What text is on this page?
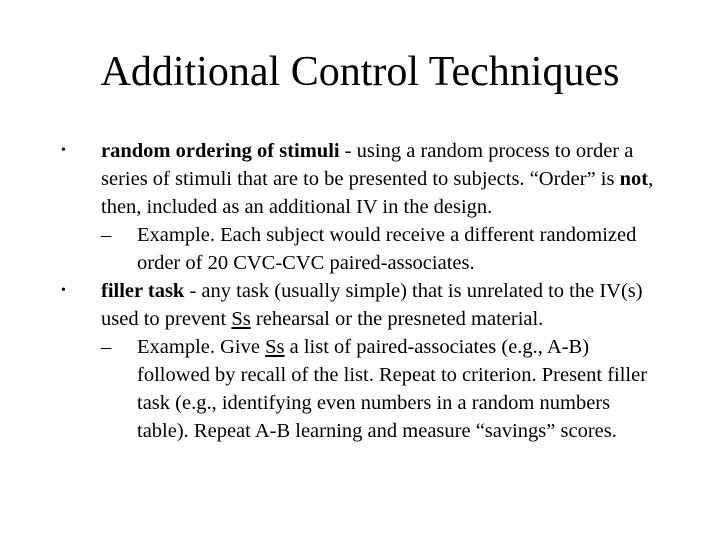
Additional Control Techniques
•	random ordering of stimuli - using a random process to order a series of stimuli that are to be presented to subjects. “Order” is not, then, included as an additional IV in the design.
–	Example. Each subject would receive a different randomized order of 20 CVC-CVC paired-associates.
•	filler task - any task (usually simple) that is unrelated to the IV(s) used to prevent Ss rehearsal or the presneted material.
–	Example. Give Ss a list of paired-associates (e.g., A-B) followed by recall of the list. Repeat to criterion. Present filler task (e.g., identifying even numbers in a random numbers table). Repeat A-B learning and measure “savings” scores.
